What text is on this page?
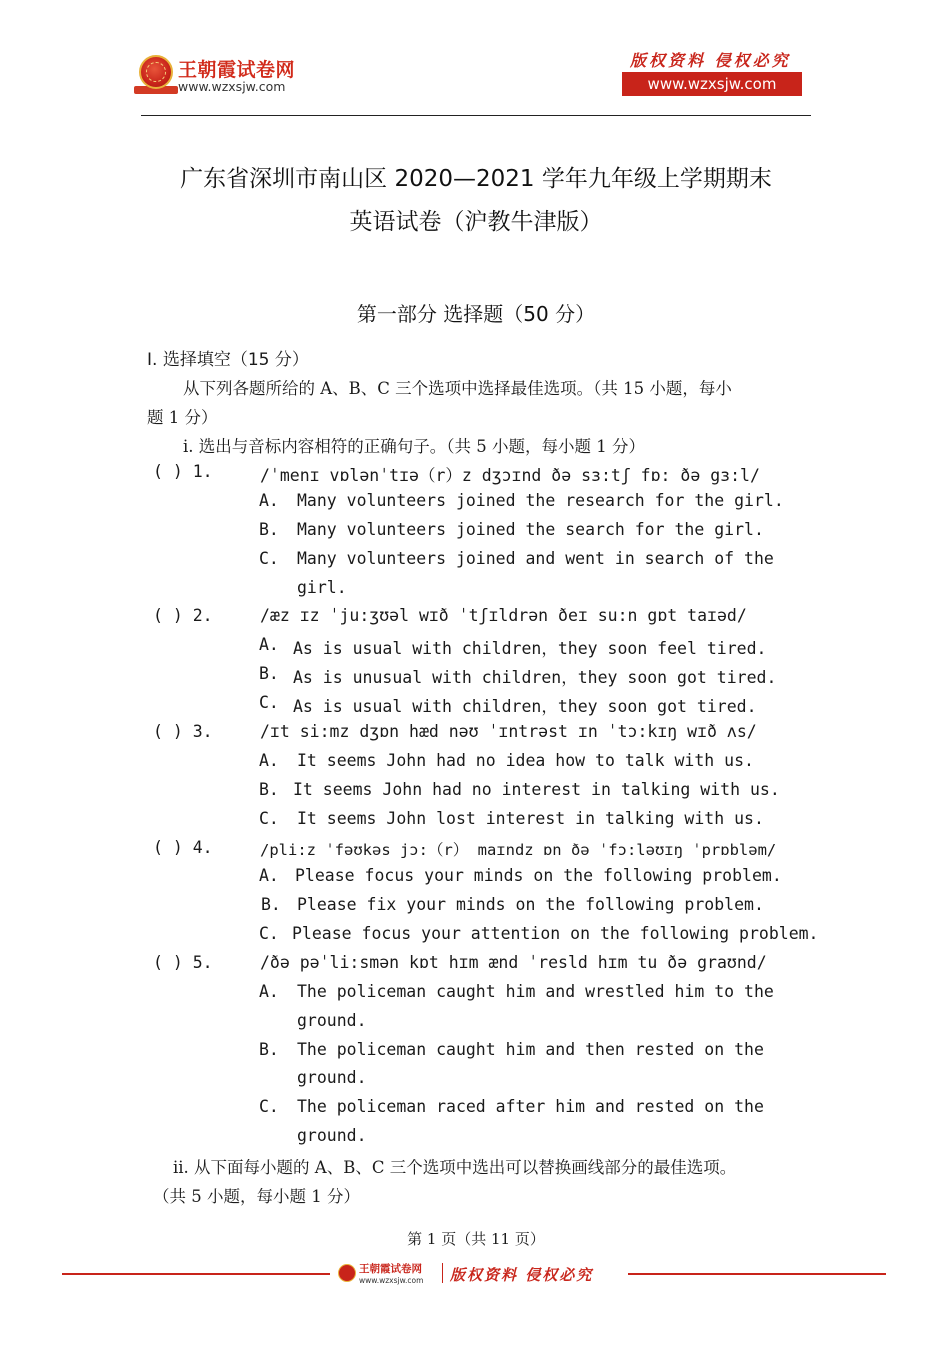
王朝霞试卷网
www.wzxsjw.com
版权资料 侵权必究
www.wzxsjw.com
广东省深圳市南山区 2020—2021 学年九年级上学期期末
英语试卷（沪教牛津版）
第一部分 选择题（50 分）
Ⅰ. 选择填空（15 分）
从下列各题所给的 A、B、C 三个选项中选择最佳选项。（共 15 小题，每小
题 1 分）
i. 选出与音标内容相符的正确句子。（共 5 小题，每小题 1 分）
( ) 1.	/ˈmenɪ vɒlənˈtɪə（r）z dʒɔɪnd ðə sɜ:tʃ fɒ: ðə gɜ:l/
A. Many volunteers joined the research for the girl.
B. Many volunteers joined the search for the girl.
C. Many volunteers joined and went in search of the
girl.
( ) 2.	/æz ɪz ˈju:ʒʊəl wɪð ˈtʃɪldrən ðeɪ su:n gɒt taɪəd/
A. As is usual with children，they soon feel tired.
B. As is unusual with children，they soon got tired.
C. As is usual with children，they soon got tired.
( ) 3.	/ɪt si:mz dʒɒn hæd nəʊ ˈɪntrəst ɪn ˈtɔ:kɪŋ wɪð ʌs/
A. It seems John had no idea how to talk with us.
B. It seems John had no interest in talking with us.
C. It seems John lost interest in talking with us.
( ) 4.	/pli:z ˈfəʊkəs jɔ:（r） maɪndz ɒn ðə ˈfɔ:ləʊɪŋ ˈprɒbləm/
A. Please focus your minds on the following problem.
B. Please fix your minds on the following problem.
C. Please focus your attention on the following problem.
( ) 5.	/ðə pəˈli:smən kɒt hɪm ænd ˈresld hɪm tu ðə graʊnd/
A. The policeman caught him and wrestled him to the
ground.
B. The policeman caught him and then rested on the
ground.
C. The policeman raced after him and rested on the
ground.
ii. 从下面每小题的 A、B、C 三个选项中选出可以替换画线部分的最佳选项。
（共 5 小题，每小题 1 分）
第 1 页（共 11 页）
王朝霞试卷网
www.wzxsjw.com 版权资料 侵权必究
